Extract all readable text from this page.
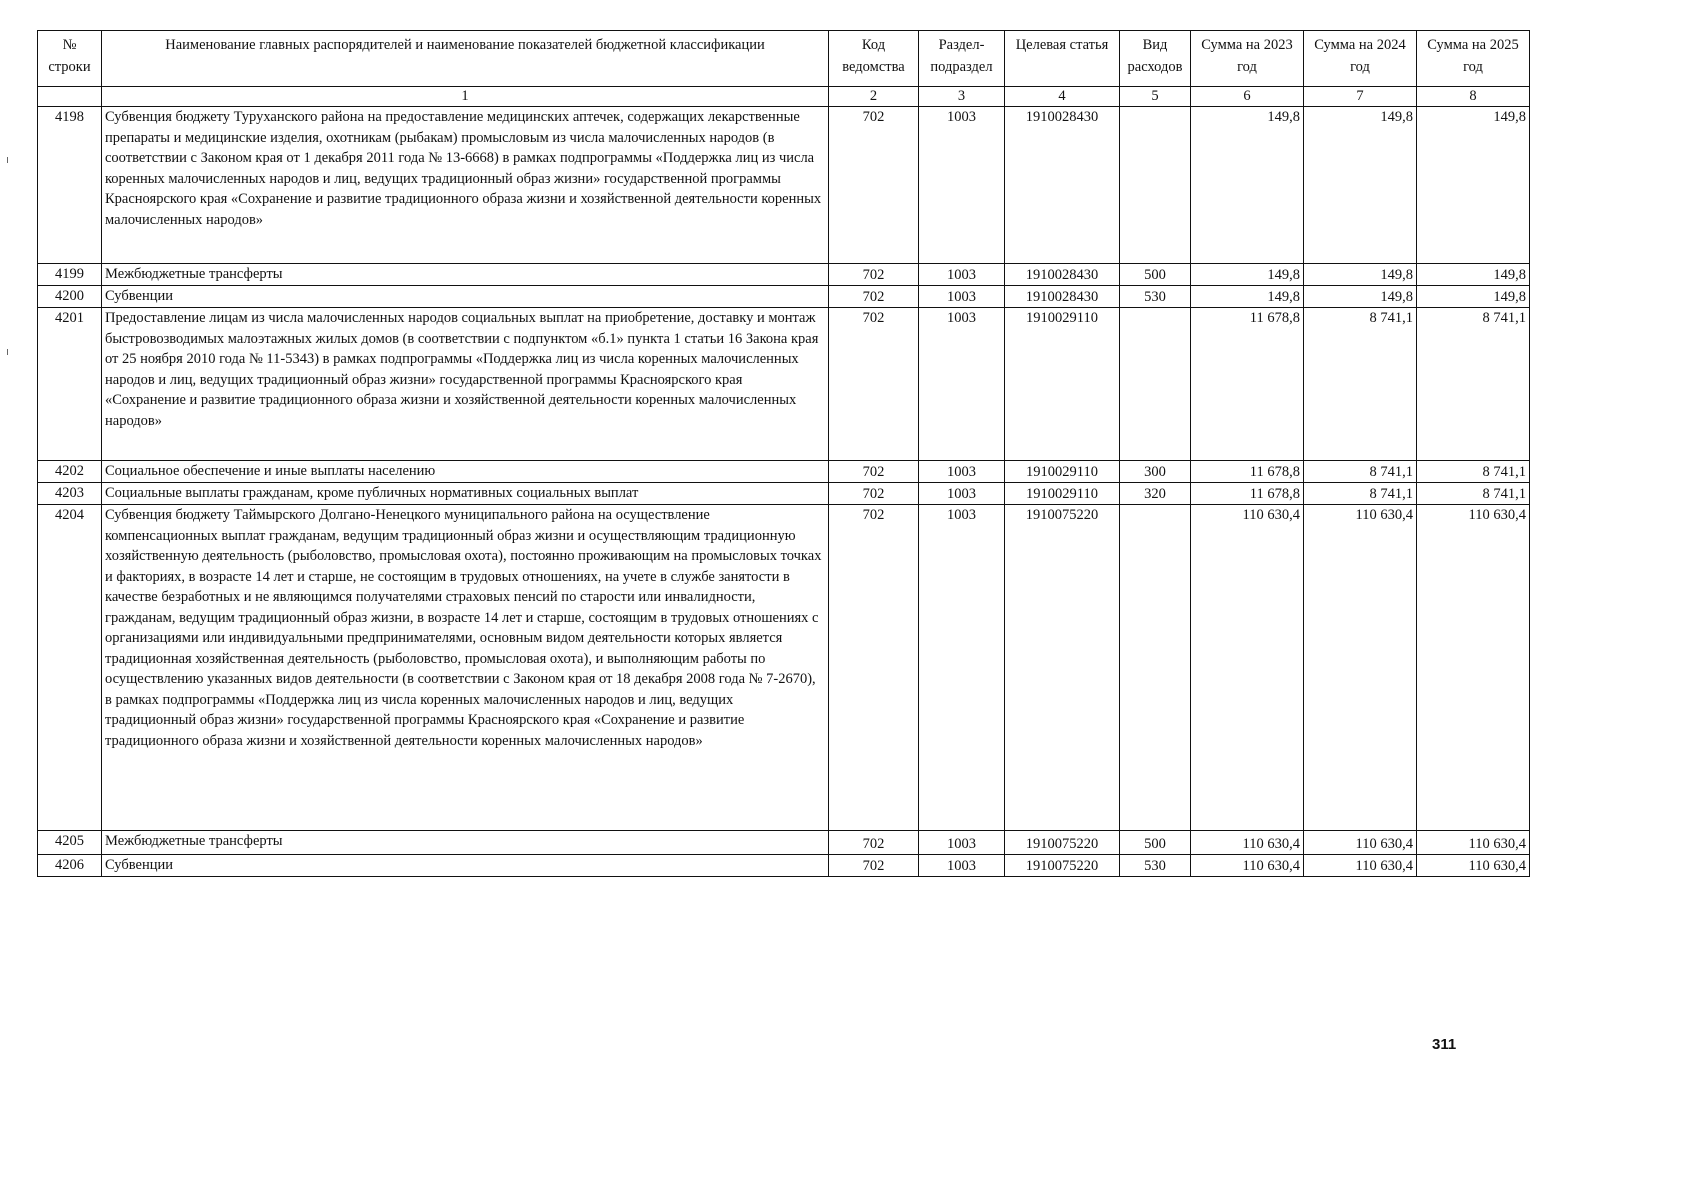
№ строки	Наименование главных распорядителей и наименование показателей бюджетной классификации	Код ведомства	Раздел-подраздел	Целевая статья	Вид расходов	Сумма на 2023 год	Сумма на 2024 год	Сумма на 2025 год
	1	2	3	4	5	6	7	8
4198	Субвенция бюджету Туруханского района на предоставление медицинских аптечек, содержащих лекарственные препараты и медицинские изделия, охотникам (рыбакам) промысловым из числа малочисленных народов (в соответствии с Законом края от 1 декабря 2011 года № 13-6668) в рамках подпрограммы «Поддержка лиц из числа коренных малочисленных народов и лиц, ведущих традиционный образ жизни» государственной программы Красноярского края «Сохранение и развитие традиционного образа жизни и хозяйственной деятельности коренных малочисленных народов»	702	1003	1910028430		149,8	149,8	149,8
4199	Межбюджетные трансферты	702	1003	1910028430	500	149,8	149,8	149,8
4200	Субвенции	702	1003	1910028430	530	149,8	149,8	149,8
4201	Предоставление лицам из числа малочисленных народов социальных выплат на приобретение, доставку и монтаж быстровозводимых малоэтажных жилых домов (в соответствии с подпунктом «б.1» пункта 1 статьи 16 Закона края от 25 ноября 2010 года № 11-5343) в рамках подпрограммы «Поддержка лиц из числа коренных малочисленных народов и лиц, ведущих традиционный образ жизни» государственной программы Красноярского края «Сохранение и развитие традиционного образа жизни и хозяйственной деятельности коренных малочисленных народов»	702	1003	1910029110		11 678,8	8 741,1	8 741,1
4202	Социальное обеспечение и иные выплаты населению	702	1003	1910029110	300	11 678,8	8 741,1	8 741,1
4203	Социальные выплаты гражданам, кроме публичных нормативных социальных выплат	702	1003	1910029110	320	11 678,8	8 741,1	8 741,1
4204	Субвенция бюджету Таймырского Долгано-Ненецкого муниципального района на осуществление компенсационных выплат гражданам, ведущим традиционный образ жизни и осуществляющим традиционную хозяйственную деятельность (рыболовство, промысловая охота), постоянно проживающим на промысловых точках и факториях, в возрасте 14 лет и старше, не состоящим в трудовых отношениях, на учете в службе занятости в качестве безработных и не являющимся получателями страховых пенсий по старости или инвалидности, гражданам, ведущим традиционный образ жизни, в возрасте 14 лет и старше, состоящим в трудовых отношениях с организациями или индивидуальными предпринимателями, основным видом деятельности которых является традиционная хозяйственная деятельность (рыболовство, промысловая охота), и выполняющим работы по осуществлению указанных видов деятельности (в соответствии с Законом края от 18 декабря 2008 года № 7-2670), в рамках подпрограммы «Поддержка лиц из числа коренных малочисленных народов и лиц, ведущих традиционный образ жизни» государственной программы Красноярского края «Сохранение и развитие традиционного образа жизни и хозяйственной деятельности коренных малочисленных народов»	702	1003	1910075220		110 630,4	110 630,4	110 630,4
4205	Межбюджетные трансферты	702	1003	1910075220	500	110 630,4	110 630,4	110 630,4
4206	Субвенции	702	1003	1910075220	530	110 630,4	110 630,4	110 630,4
311
